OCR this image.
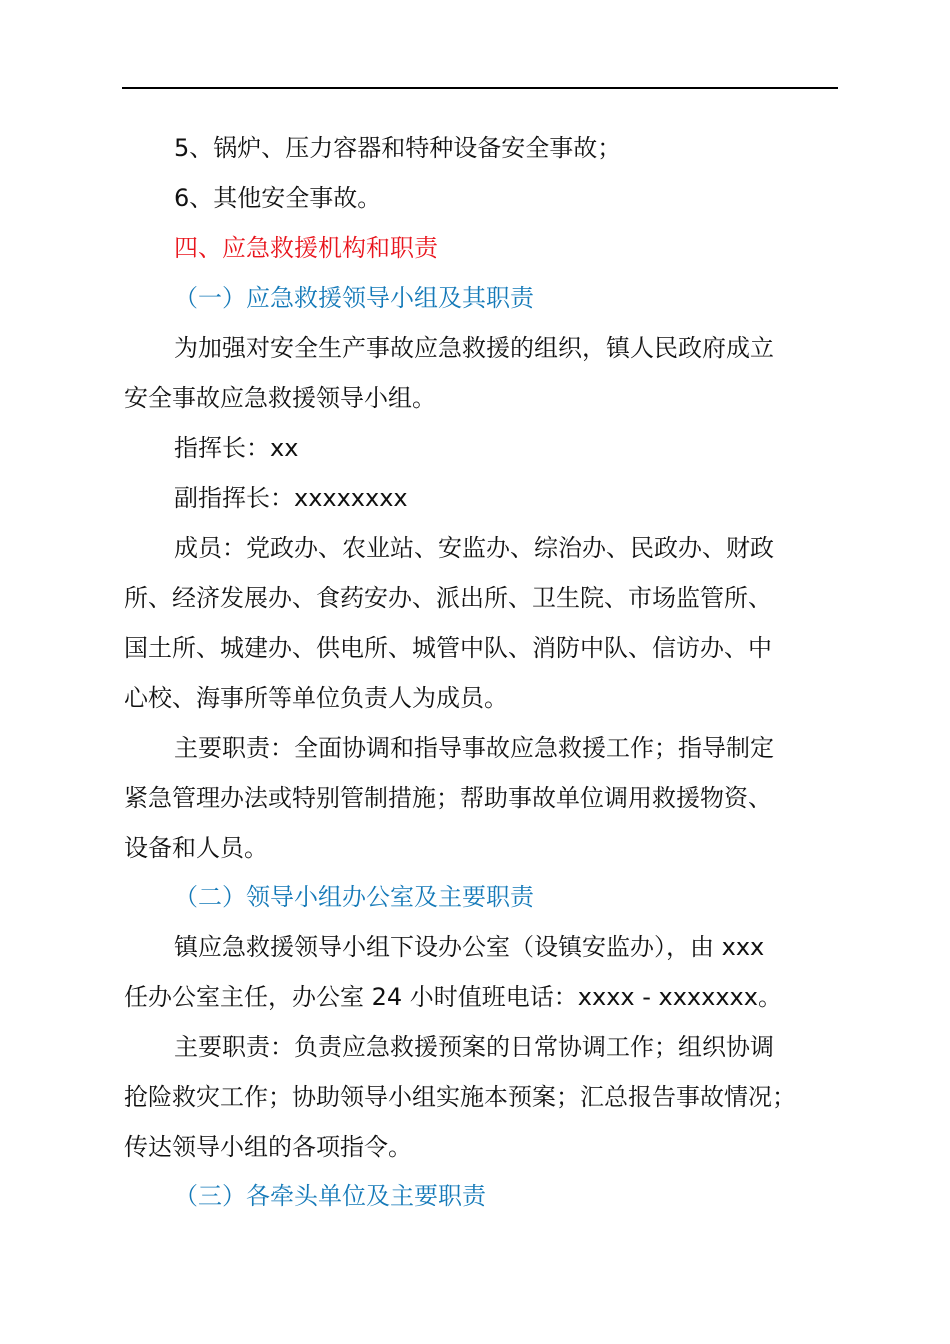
5、锅炉、压力容器和特种设备安全事故；
6、其他安全事故。
四、应急救援机构和职责
（一）应急救援领导小组及其职责
为加强对安全生产事故应急救援的组织，镇人民政府成立
安全事故应急救援领导小组。
指挥长：xx
副指挥长：xxxxxxxx
成员：党政办、农业站、安监办、综治办、民政办、财政
所、经济发展办、食药安办、派出所、卫生院、市场监管所、
国土所、城建办、供电所、城管中队、消防中队、信访办、中
心校、海事所等单位负责人为成员。
主要职责：全面协调和指导事故应急救援工作；指导制定
紧急管理办法或特别管制措施；帮助事故单位调用救援物资、
设备和人员。
（二）领导小组办公室及主要职责
镇应急救援领导小组下设办公室（设镇安监办），由 xxx
任办公室主任，办公室 24 小时值班电话：xxxx - xxxxxxx。
主要职责：负责应急救援预案的日常协调工作；组织协调
抢险救灾工作；协助领导小组实施本预案；汇总报告事故情况；
传达领导小组的各项指令。
（三）各牵头单位及主要职责
